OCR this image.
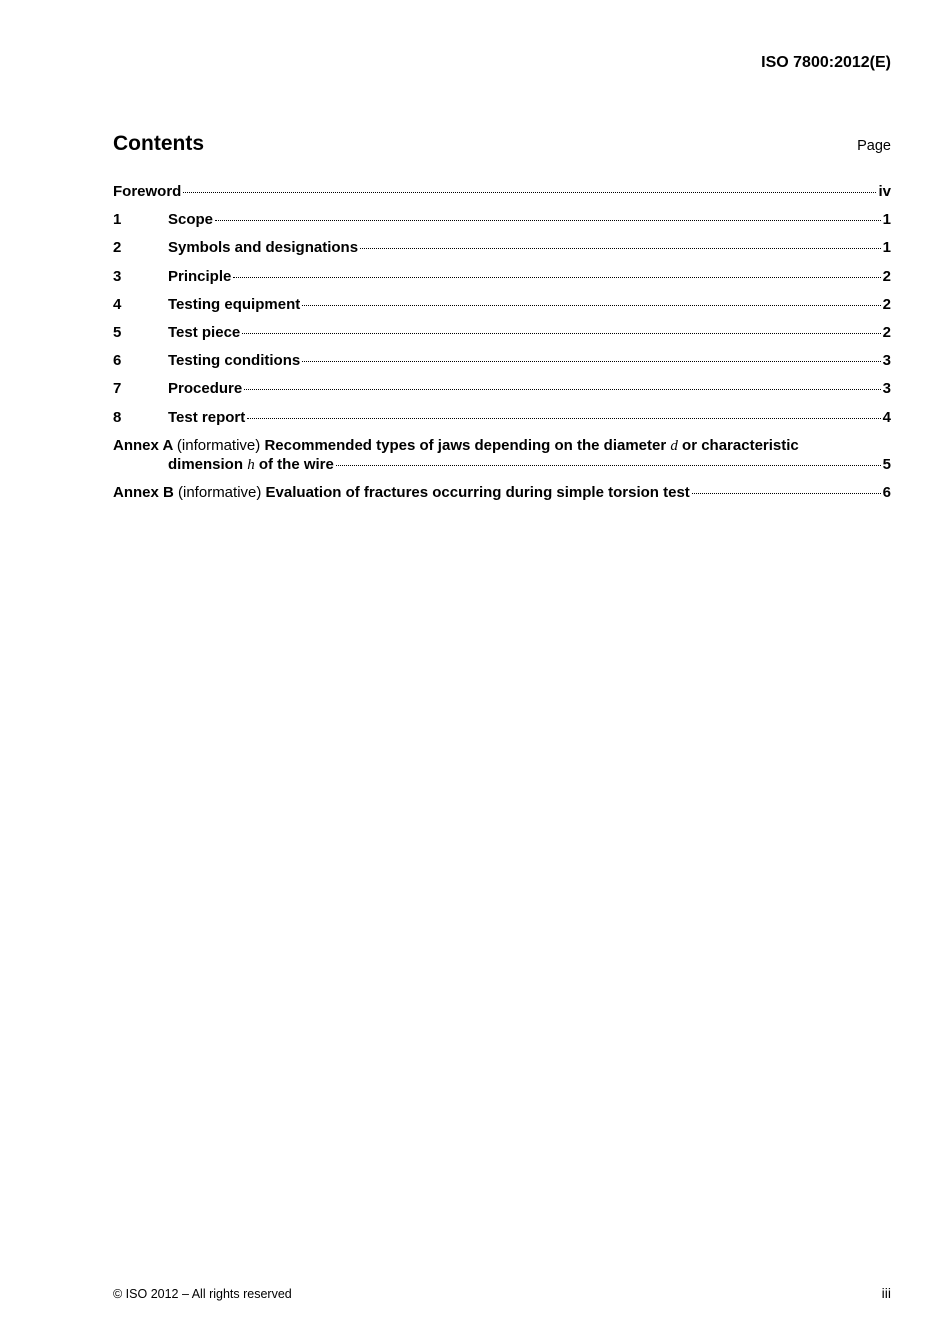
ISO 7800:2012(E)
Contents	Page
Foreword	iv
1	Scope	1
2	Symbols and designations	1
3	Principle	2
4	Testing equipment	2
5	Test piece	2
6	Testing conditions	3
7	Procedure	3
8	Test report	4
Annex A (informative) Recommended types of jaws depending on the diameter d or characteristic
dimension h of the wire	5
Annex B (informative) Evaluation of fractures occurring during simple torsion test	6
© ISO 2012 – All rights reserved	iii
